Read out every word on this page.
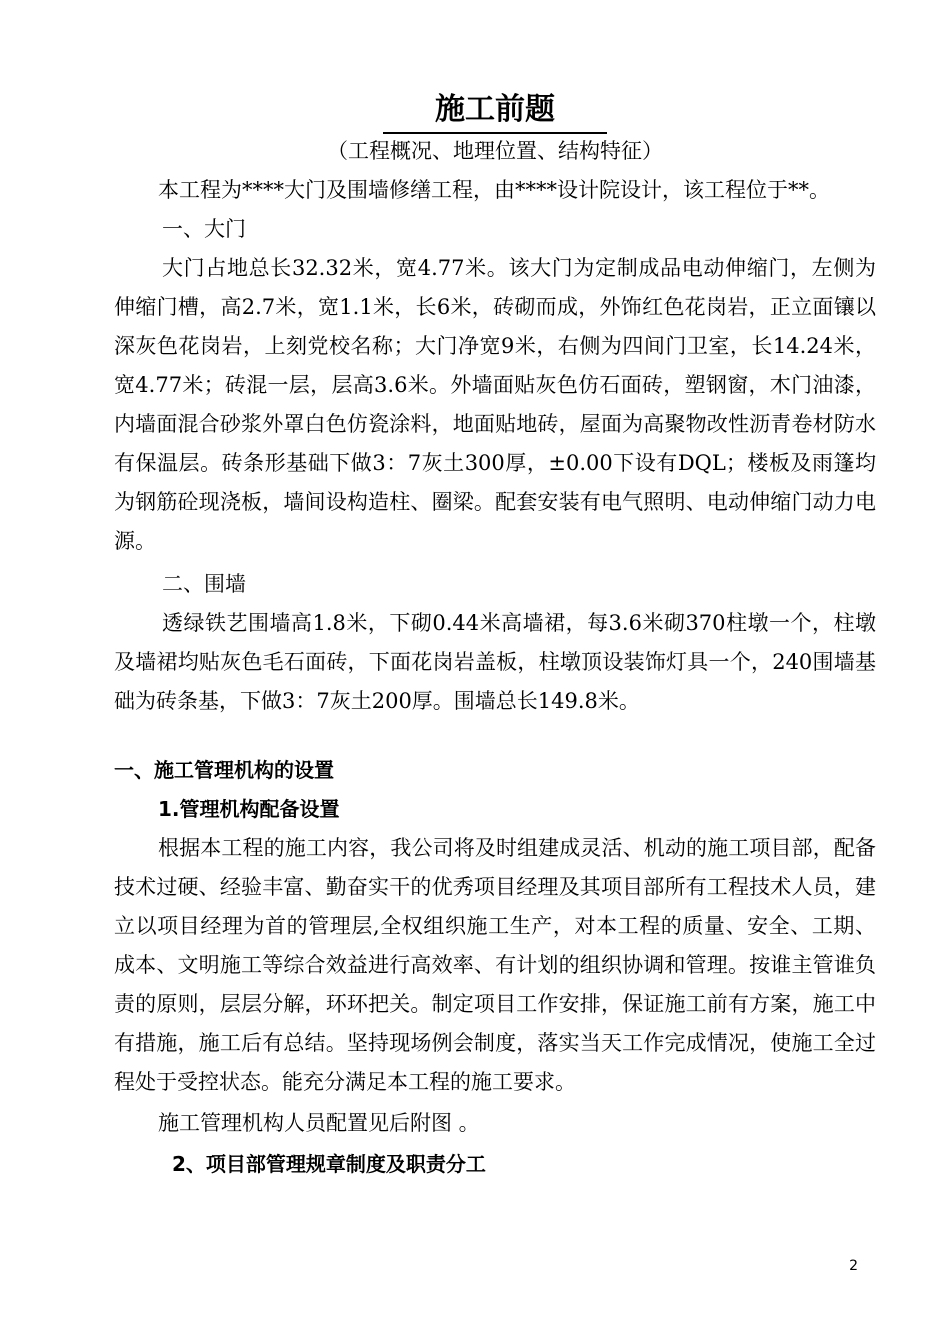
施工前题

（工程概况、地理位置、结构特征）

本工程为****大门及围墙修缮工程，由****设计院设计，该工程位于**。

一、大门

大门占地总长32.32米，宽4.77米。该大门为定制成品电动伸缩门，左侧为伸缩门槽，高2.7米，宽1.1米，长6米，砖砌而成，外饰红色花岗岩，正立面镶以深灰色花岗岩，上刻党校名称；大门净宽9米，右侧为四间门卫室，长14.24米，宽4.77米；砖混一层，层高3.6米。外墙面贴灰色仿石面砖，塑钢窗，木门油漆，内墙面混合砂浆外罩白色仿瓷涂料，地面贴地砖，屋面为高聚物改性沥青卷材防水有保温层。砖条形基础下做3：7灰土300厚，±0.00下设有DQL；楼板及雨篷均为钢筋砼现浇板，墙间设构造柱、圈梁。配套安装有电气照明、电动伸缩门动力电源。

二、围墙

透绿铁艺围墙高1.8米，下砌0.44米高墙裙，每3.6米砌370柱墩一个，柱墩及墙裙均贴灰色毛石面砖，下面花岗岩盖板，柱墩顶设装饰灯具一个，240围墙基础为砖条基，下做3：7灰土200厚。围墙总长149.8米。

一、施工管理机构的设置
1.管理机构配备设置

根据本工程的施工内容，我公司将及时组建成灵活、机动的施工项目部，配备技术过硬、经验丰富、勤奋实干的优秀项目经理及其项目部所有工程技术人员，建立以项目经理为首的管理层,全权组织施工生产，对本工程的质量、安全、工期、成本、文明施工等综合效益进行高效率、有计划的组织协调和管理。按谁主管谁负责的原则，层层分解，环环把关。制定项目工作安排，保证施工前有方案，施工中有措施，施工后有总结。坚持现场例会制度，落实当天工作完成情况，使施工全过程处于受控状态。能充分满足本工程的施工要求。

施工管理机构人员配置见后附图 。

2、项目部管理规章制度及职责分工
2
